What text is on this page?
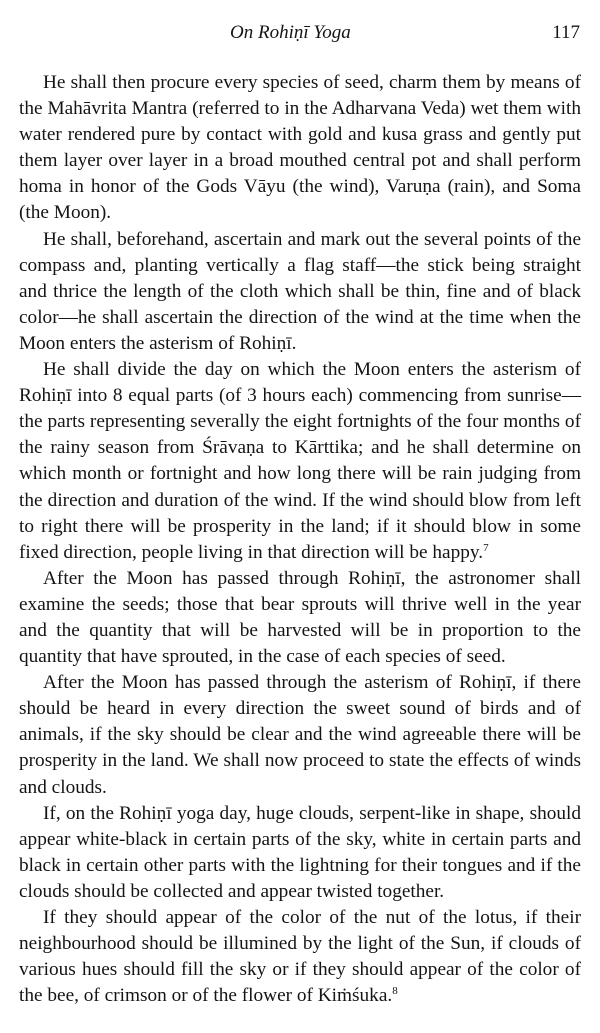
On Rohiṇī Yoga	117

He shall then procure every species of seed, charm them by means of the Mahāvrita Mantra (referred to in the Adharvana Veda) wet them with water rendered pure by contact with gold and kusa grass and gently put them layer over layer in a broad mouthed central pot and shall perform homa in honor of the Gods Vāyu (the wind), Varuṇa (rain), and Soma (the Moon).

He shall, beforehand, ascertain and mark out the several points of the compass and, planting vertically a flag staff—the stick being straight and thrice the length of the cloth which shall be thin, fine and of black color—he shall ascertain the direction of the wind at the time when the Moon enters the asterism of Rohiṇī.

He shall divide the day on which the Moon enters the asterism of Rohiṇī into 8 equal parts (of 3 hours each) commencing from sunrise—the parts representing severally the eight fortnights of the four months of the rainy season from Śrāvaṇa to Kārttika; and he shall determine on which month or fortnight and how long there will be rain judging from the direction and duration of the wind. If the wind should blow from left to right there will be prosperity in the land; if it should blow in some fixed direction, people living in that direction will be happy.$^7$

After the Moon has passed through Rohiṇī, the astronomer shall examine the seeds; those that bear sprouts will thrive well in the year and the quantity that will be harvested will be in proportion to the quantity that have sprouted, in the case of each species of seed.

After the Moon has passed through the asterism of Rohiṇī, if there should be heard in every direction the sweet sound of birds and of animals, if the sky should be clear and the wind agreeable there will be prosperity in the land. We shall now proceed to state the effects of winds and clouds.

If, on the Rohiṇī yoga day, huge clouds, serpent-like in shape, should appear white-black in certain parts of the sky, white in certain parts and black in certain other parts with the lightning for their tongues and if the clouds should be collected and appear twisted together.

If they should appear of the color of the nut of the lotus, if their neighbourhood should be illumined by the light of the Sun, if clouds of various hues should fill the sky or if they should appear of the color of the bee, of crimson or of the flower of Kiṁśuka.$^8$
